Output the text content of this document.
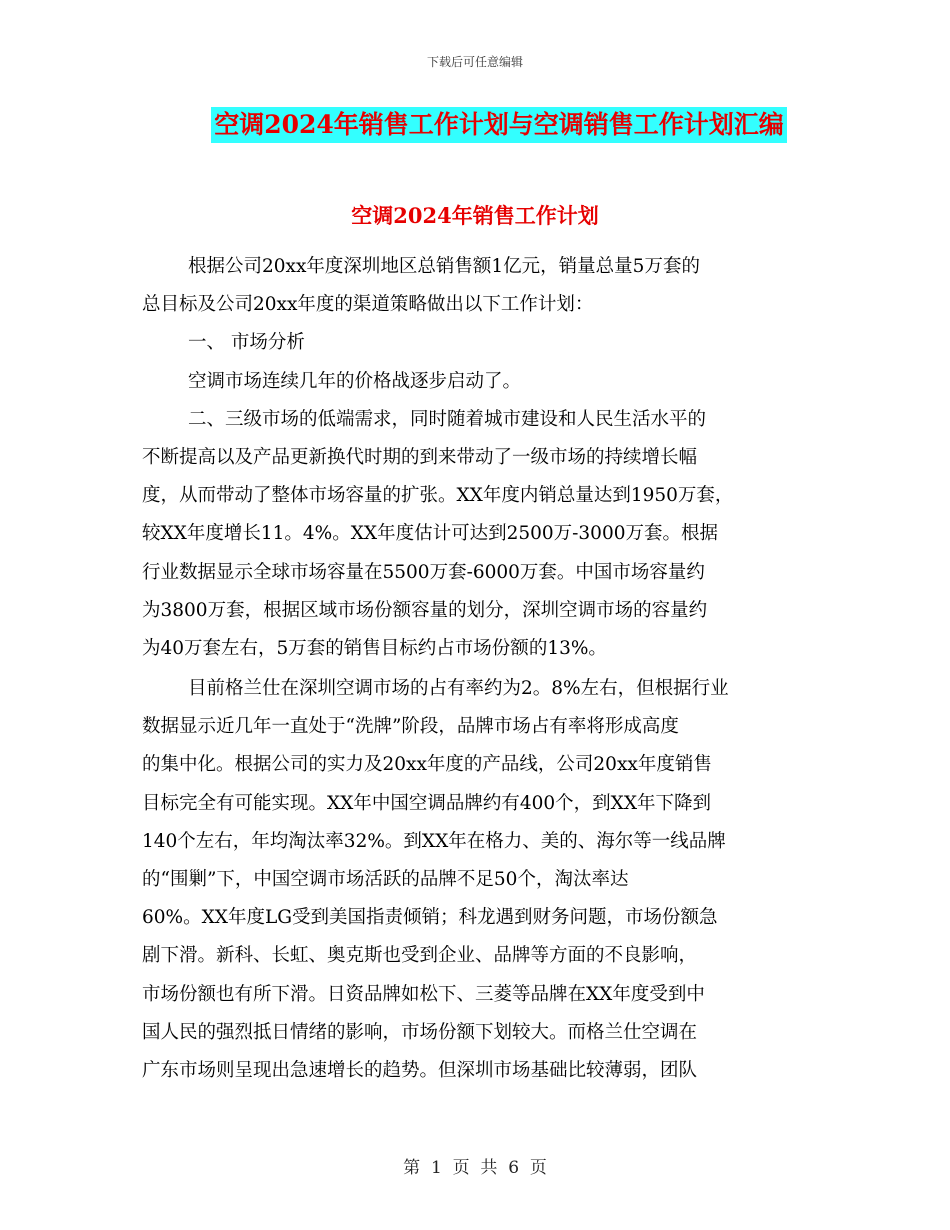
下载后可任意编辑
空调2024年销售工作计划与空调销售工作计划汇编
空调2024年销售工作计划
根据公司20xx年度深圳地区总销售额1亿元，销量总量5万套的
总目标及公司20xx年度的渠道策略做出以下工作计划：
一、 市场分析
空调市场连续几年的价格战逐步启动了。
二、三级市场的低端需求，同时随着城市建设和人民生活水平的
不断提高以及产品更新换代时期的到来带动了一级市场的持续增长幅
度，从而带动了整体市场容量的扩张。XX年度内销总量达到1950万套，
较XX年度增长11。4%。XX年度估计可达到2500万-3000万套。根据
行业数据显示全球市场容量在5500万套-6000万套。中国市场容量约
为3800万套，根据区域市场份额容量的划分，深圳空调市场的容量约
为40万套左右，5万套的销售目标约占市场份额的13%。
目前格兰仕在深圳空调市场的占有率约为2。8%左右，但根据行业
数据显示近几年一直处于“洗牌”阶段，品牌市场占有率将形成高度
的集中化。根据公司的实力及20xx年度的产品线，公司20xx年度销售
目标完全有可能实现。XX年中国空调品牌约有400个，到XX年下降到
140个左右，年均淘汰率32%。到XX年在格力、美的、海尔等一线品牌
的“围剿”下，中国空调市场活跃的品牌不足50个，淘汰率达
60%。XX年度LG受到美国指责倾销；科龙遇到财务问题，市场份额急
剧下滑。新科、长虹、奥克斯也受到企业、品牌等方面的不良影响，
市场份额也有所下滑。日资品牌如松下、三菱等品牌在XX年度受到中
国人民的强烈抵日情绪的影响，市场份额下划较大。而格兰仕空调在
广东市场则呈现出急速增长的趋势。但深圳市场基础比较薄弱，团队
第  1  页  共  6  页
